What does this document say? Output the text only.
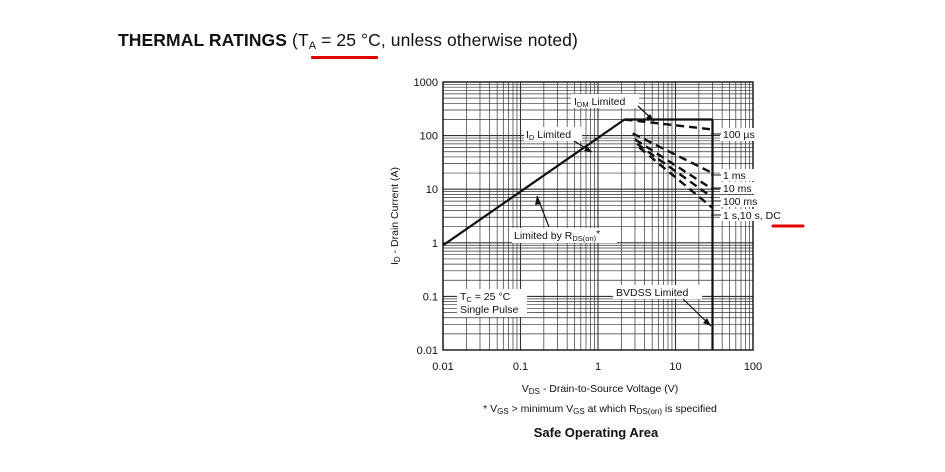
THERMAL RATINGS ($T_A = 25$ °C, unless otherwise noted)
1000
100
10
1
0.1
0.01
0.01	0.1	1	10	100
VDS - Drain-to-Source Voltage (V)
ID - Drain Current (A)
* VGS > minimum VGS at which RDS(on) is specified
Safe Operating Area
IDM Limited
ID Limited
Limited by RDS(on)*
BVDSS Limited
TC = 25 °C
Single Pulse
100 µs
1 ms
10 ms
100 ms
1 s,10 s, DC
